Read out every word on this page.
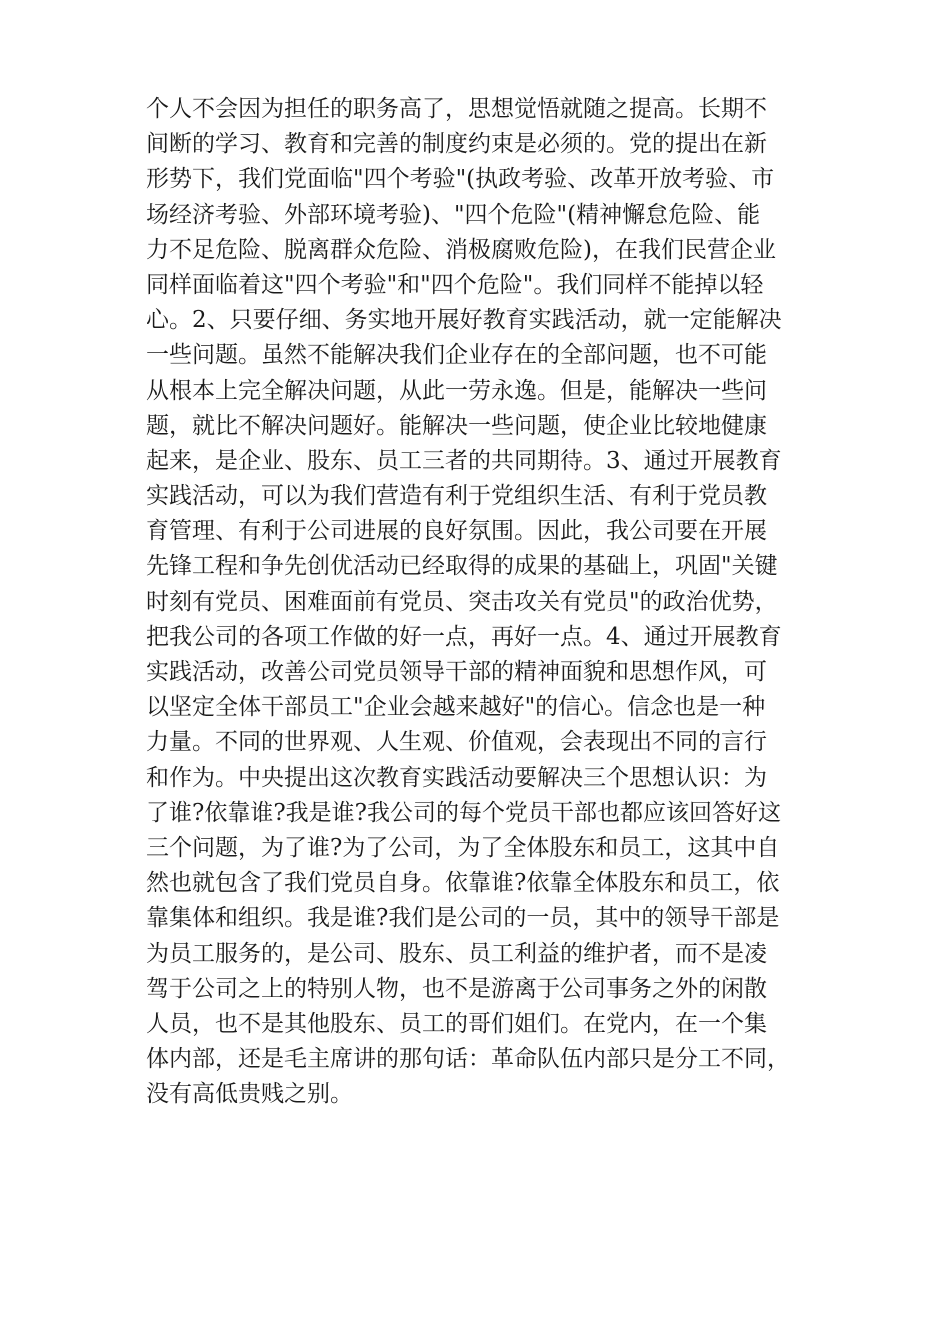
个人不会因为担任的职务高了，思想觉悟就随之提高。长期不
间断的学习、教育和完善的制度约束是必须的。党的提出在新
形势下，我们党面临"四个考验"(执政考验、改革开放考验、市
场经济考验、外部环境考验)、"四个危险"(精神懈怠危险、能
力不足危险、脱离群众危险、消极腐败危险)，在我们民营企业
同样面临着这"四个考验"和"四个危险"。我们同样不能掉以轻
心。2、只要仔细、务实地开展好教育实践活动，就一定能解决
一些问题。虽然不能解决我们企业存在的全部问题，也不可能
从根本上完全解决问题，从此一劳永逸。但是，能解决一些问
题，就比不解决问题好。能解决一些问题，使企业比较地健康
起来，是企业、股东、员工三者的共同期待。3、通过开展教育
实践活动，可以为我们营造有利于党组织生活、有利于党员教
育管理、有利于公司进展的良好氛围。因此，我公司要在开展
先锋工程和争先创优活动已经取得的成果的基础上，巩固"关键
时刻有党员、困难面前有党员、突击攻关有党员"的政治优势，
把我公司的各项工作做的好一点，再好一点。4、通过开展教育
实践活动，改善公司党员领导干部的精神面貌和思想作风，可
以坚定全体干部员工"企业会越来越好"的信心。信念也是一种
力量。不同的世界观、人生观、价值观，会表现出不同的言行
和作为。中央提出这次教育实践活动要解决三个思想认识：为
了谁?依靠谁?我是谁?我公司的每个党员干部也都应该回答好这
三个问题，为了谁?为了公司，为了全体股东和员工，这其中自
然也就包含了我们党员自身。依靠谁?依靠全体股东和员工，依
靠集体和组织。我是谁?我们是公司的一员，其中的领导干部是
为员工服务的，是公司、股东、员工利益的维护者，而不是凌
驾于公司之上的特别人物，也不是游离于公司事务之外的闲散
人员，也不是其他股东、员工的哥们姐们。在党内，在一个集
体内部，还是毛主席讲的那句话：革命队伍内部只是分工不同，
没有高低贵贱之别。
